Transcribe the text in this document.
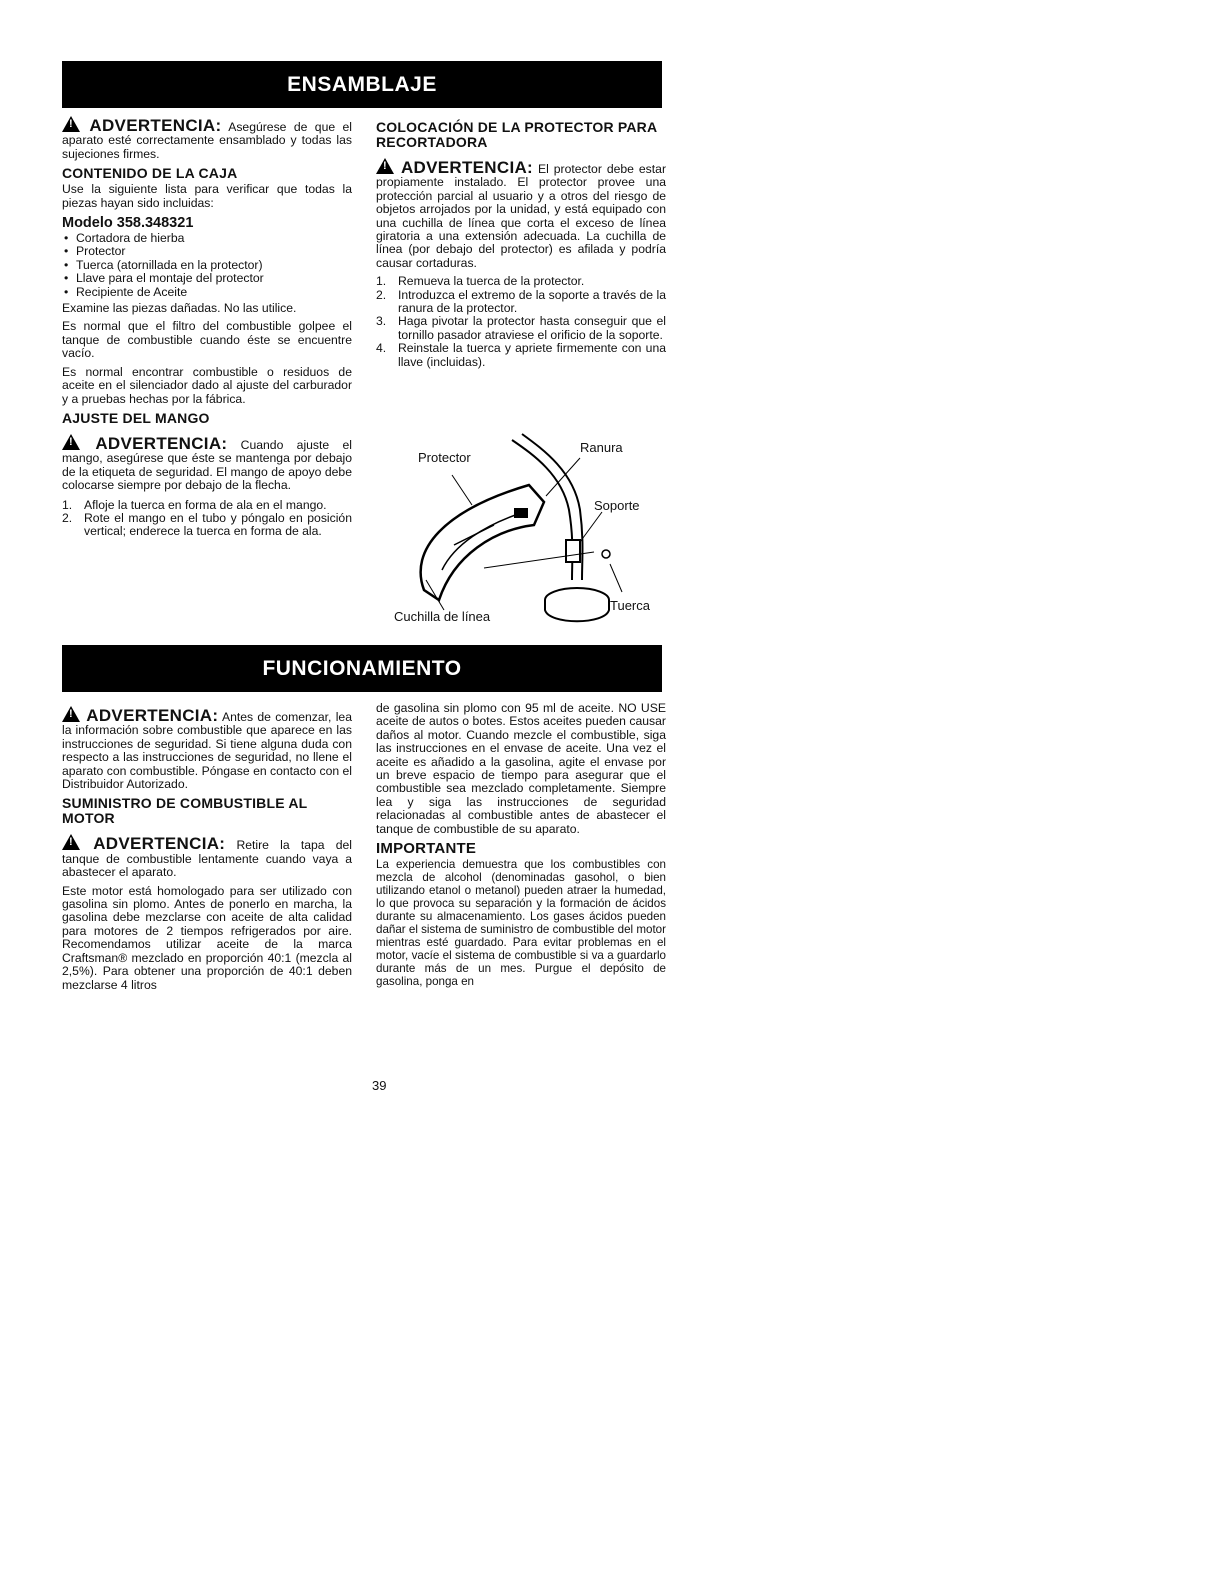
ENSAMBLAJE

! ADVERTENCIA: Asegúrese de que el aparato esté correctamente ensamblado y todas las sujeciones firmes.

CONTENIDO DE LA CAJA

Use la siguiente lista para verificar que todas la piezas hayan sido incluidas:

Modelo 358.348321
• Cortadora de hierba
• Protector
• Tuerca (atornillada en la protector)
• Llave para el montaje del protector
• Recipiente de Aceite

Examine las piezas dañadas. No las utilice.

Es normal que el filtro del combustible golpee el tanque de combustible cuando éste se encuentre vacío.

Es normal encontrar combustible o residuos de aceite en el silenciador dado al ajuste del carburador y a pruebas hechas por la fábrica.

AJUSTE DEL MANGO

! ADVERTENCIA: Cuando ajuste el mango, asegúrese que éste se mantenga por debajo de la etiqueta de seguridad. El mango de apoyo debe colocarse siempre por debajo de la flecha.

1. Afloje la tuerca en forma de ala en el mango.
2. Rote el mango en el tubo y póngalo en posición vertical; enderece la tuerca en forma de ala.
COLOCACIÓN DE LA PROTECTOR PARA RECORTADORA

! ADVERTENCIA: El protector debe estar propiamente instalado. El protector provee una protección parcial al usuario y a otros del riesgo de objetos arrojados por la unidad, y está equipado con una cuchilla de línea que corta el exceso de línea giratoria a una extensión adecuada. La cuchilla de línea (por debajo del protector) es afilada y podría causar cortaduras.

1. Remueva la tuerca de la protector.
2. Introduzca el extremo de la soporte a través de la ranura de la protector.
3. Haga pivotar la protector hasta conseguir que el tornillo pasador atraviese el orificio de la soporte.
4. Reinstale la tuerca y apriete firmemente con una llave (incluidas).
Protector
Ranura
Soporte
Tuerca
Cuchilla de línea
FUNCIONAMIENTO

! ADVERTENCIA: Antes de comenzar, lea la información sobre combustible que aparece en las instrucciones de seguridad. Si tiene alguna duda con respecto a las instrucciones de seguridad, no llene el aparato con combustible. Póngase en contacto con el Distribuidor Autorizado.

SUMINISTRO DE COMBUSTIBLE AL MOTOR

! ADVERTENCIA: Retire la tapa del tanque de combustible lentamente cuando vaya a abastecer el aparato.

Este motor está homologado para ser utilizado con gasolina sin plomo. Antes de ponerlo en marcha, la gasolina debe mezclarse con aceite de alta calidad para motores de 2 tiempos refrigerados por aire. Recomendamos utilizar aceite de la marca Craftsman® mezclado en proporción 40:1 (mezcla al 2,5%). Para obtener una proporción de 40:1 deben mezclarse 4 litros

de gasolina sin plomo con 95 ml de aceite. NO USE aceite de autos o botes. Estos aceites pueden causar daños al motor. Cuando mezcle el combustible, siga las instrucciones en el envase de aceite. Una vez el aceite es añadido a la gasolina, agite el envase por un breve espacio de tiempo para asegurar que el combustible sea mezclado completamente. Siempre lea y siga las instrucciones de seguridad relacionadas al combustible antes de abastecer el tanque de combustible de su aparato.

IMPORTANTE

La experiencia demuestra que los combustibles con mezcla de alcohol (denominadas gasohol, o bien utilizando etanol o metanol) pueden atraer la humedad, lo que provoca su separación y la formación de ácidos durante su almacenamiento. Los gases ácidos pueden dañar el sistema de suministro de combustible del motor mientras esté guardado. Para evitar problemas en el motor, vacíe el sistema de combustible si va a guardarlo durante más de un mes. Purgue el depósito de gasolina, ponga en

39
